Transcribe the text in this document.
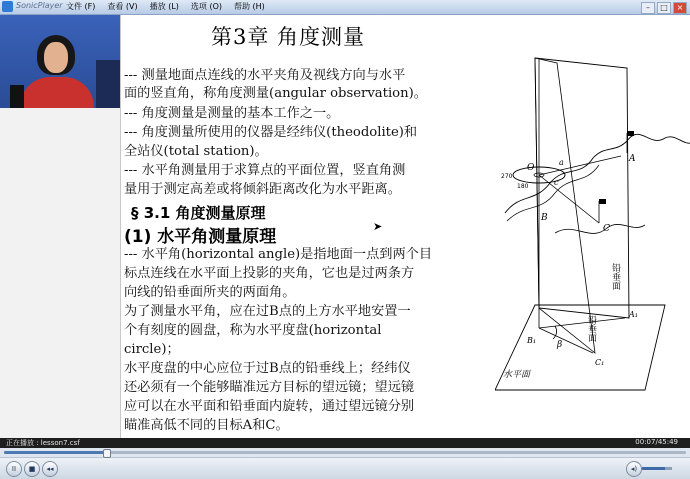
SonicPlayer 文件 (F) 查看 (V) 播放 (L) 选项 (O) 帮助 (H)	–	□	×
第3章 角度测量
--- 测量地面点连线的水平夹角及视线方向与水平
面的竖直角，称角度测量(angular observation)。
--- 角度测量是测量的基本工作之一。
--- 角度测量所使用的仪器是经纬仪(theodolite)和
全站仪(total station)。
--- 水平角测量用于求算点的平面位置，竖直角测
量用于测定高差或将倾斜距离改化为水平距离。
§ 3.1 角度测量原理
(1) 水平角测量原理
--- 水平角(horizontal angle)是指地面一点到两个目
标点连线在水平面上投影的夹角，它也是过两条方
向线的铅垂面所夹的两面角。
为了测量水平角，应在过B点的上方水平地安置一
个有刻度的圆盘，称为水平度盘(horizontal
circle)；
水平度盘的中心应位于过B点的铅垂线上；经纬仪
还必须有一个能够瞄准远方目标的望远镜；望远镜
应可以在水平面和铅垂面内旋转，通过望远镜分别
瞄准高低不同的目标A和C。
➤
O
a
c
A
B
C
B₁
A₁
C₁
β
270
180
铅垂面
铅垂面
水平面
正在播放 : lesson7.csf	00:07/45:49
II	■	◂◂	◂)
